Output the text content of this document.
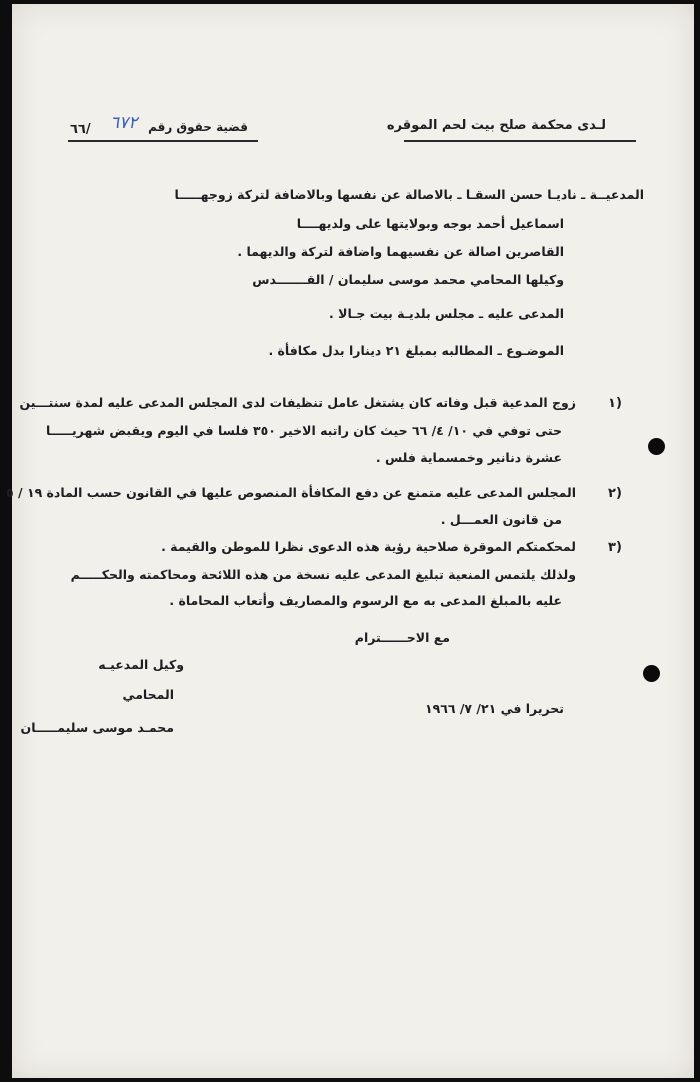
لـدى محكمة صلح بيت لحم الموقره
قضية حقوق رقم
٦٧٢
٦٦/
المدعيــة ـ ناديـا حسن السقـا ـ بالاصالة عن نفسها وبالاضافة لتركة زوجهـــــا
اسماعيل أحمد بوجه وبولايتها على ولديهــــا
القاصرين اصالة عن نفسيهما واضافة لتركة والديهما .
وكيلها المحامي محمد موسى سليمان / القـــــــدس
المدعى عليه ـ مجلس بلديـة بيت جـالا .
الموضـوع ـ المطالبه بمبلغ ٢١ دينارا بدل مكافأة .
١)
زوج المدعية قبل وفاته كان يشتغل عامل تنظيفات لدى المجلس المدعى عليه لمدة سنتـــين
حتى توفي في ١٠/ ٤/ ٦٦ حيث كان راتبه الاخير ٣٥٠ فلسا في اليوم ويقبض شهريـــــا
عشرة دنانير وخمسماية فلس .
٢)
المجلس المدعى عليه متمنع عن دفع المكافأة المنصوص عليها في القانون حسب المادة ١٩ / ٥
من قانون العمـــل .
٣)
لمحكمتكم الموقرة صلاحية رؤية هذه الدعوى نظرا للموطن والقيمة .
ولذلك يلتمس المنعية تبليغ المدعى عليه نسخة من هذه اللائحة ومحاكمته والحكـــــم
عليه بالمبلغ المدعى به مع الرسوم والمصاريف وأتعاب المحاماة .
مع الاحــــــترام
وكيل المدعيـه
المحامي
محمـد موسى سليمـــــان
تحريرا في ٢١/ ٧/ ١٩٦٦
